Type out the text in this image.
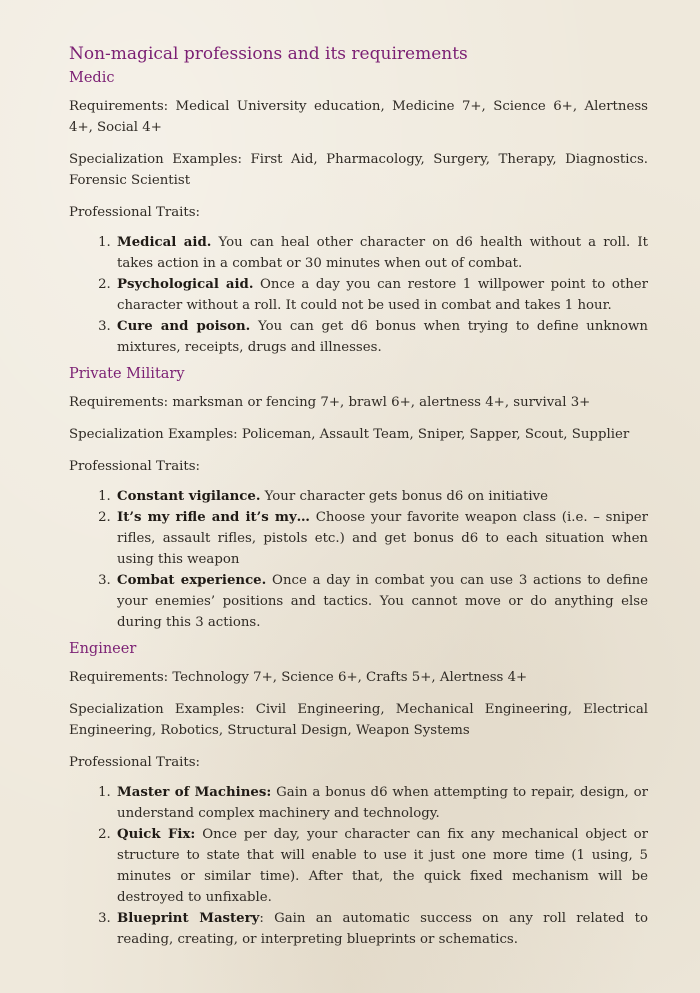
Non-magical professions and its requirements
Medic

Requirements: Medical University education, Medicine 7+, Science 6+, Alertness 4+, Social 4+

Specialization Examples: First Aid, Pharmacology, Surgery, Therapy, Diagnostics. Forensic Scientist

Professional Traits:

1. Medical aid. You can heal other character on d6 health without a roll. It takes action in a combat or 30 minutes when out of combat.
2. Psychological aid. Once a day you can restore 1 willpower point to other character without a roll. It could not be used in combat and takes 1 hour.
3. Cure and poison. You can get d6 bonus when trying to define unknown mixtures, receipts, drugs and illnesses.
Private Military

Requirements: marksman or fencing 7+, brawl 6+, alertness 4+, survival 3+

Specialization Examples: Policeman, Assault Team, Sniper, Sapper, Scout, Supplier

Professional Traits:

1. Constant vigilance. Your character gets bonus d6 on initiative
2. It’s my rifle and it’s my… Choose your favorite weapon class (i.e. – sniper rifles, assault rifles, pistols etc.) and get bonus d6 to each situation when using this weapon
3. Combat experience. Once a day in combat you can use 3 actions to define your enemies’ positions and tactics. You cannot move or do anything else during this 3 actions.
Engineer

Requirements: Technology 7+, Science 6+, Crafts 5+, Alertness 4+

Specialization Examples: Civil Engineering, Mechanical Engineering, Electrical Engineering, Robotics, Structural Design, Weapon Systems

Professional Traits:

1. Master of Machines: Gain a bonus d6 when attempting to repair, design, or understand complex machinery and technology.
2. Quick Fix: Once per day, your character can fix any mechanical object or structure to state that will enable to use it just one more time (1 using, 5 minutes or similar time). After that, the quick fixed mechanism will be destroyed to unfixable.
3. Blueprint Mastery: Gain an automatic success on any roll related to reading, creating, or interpreting blueprints or schematics.
